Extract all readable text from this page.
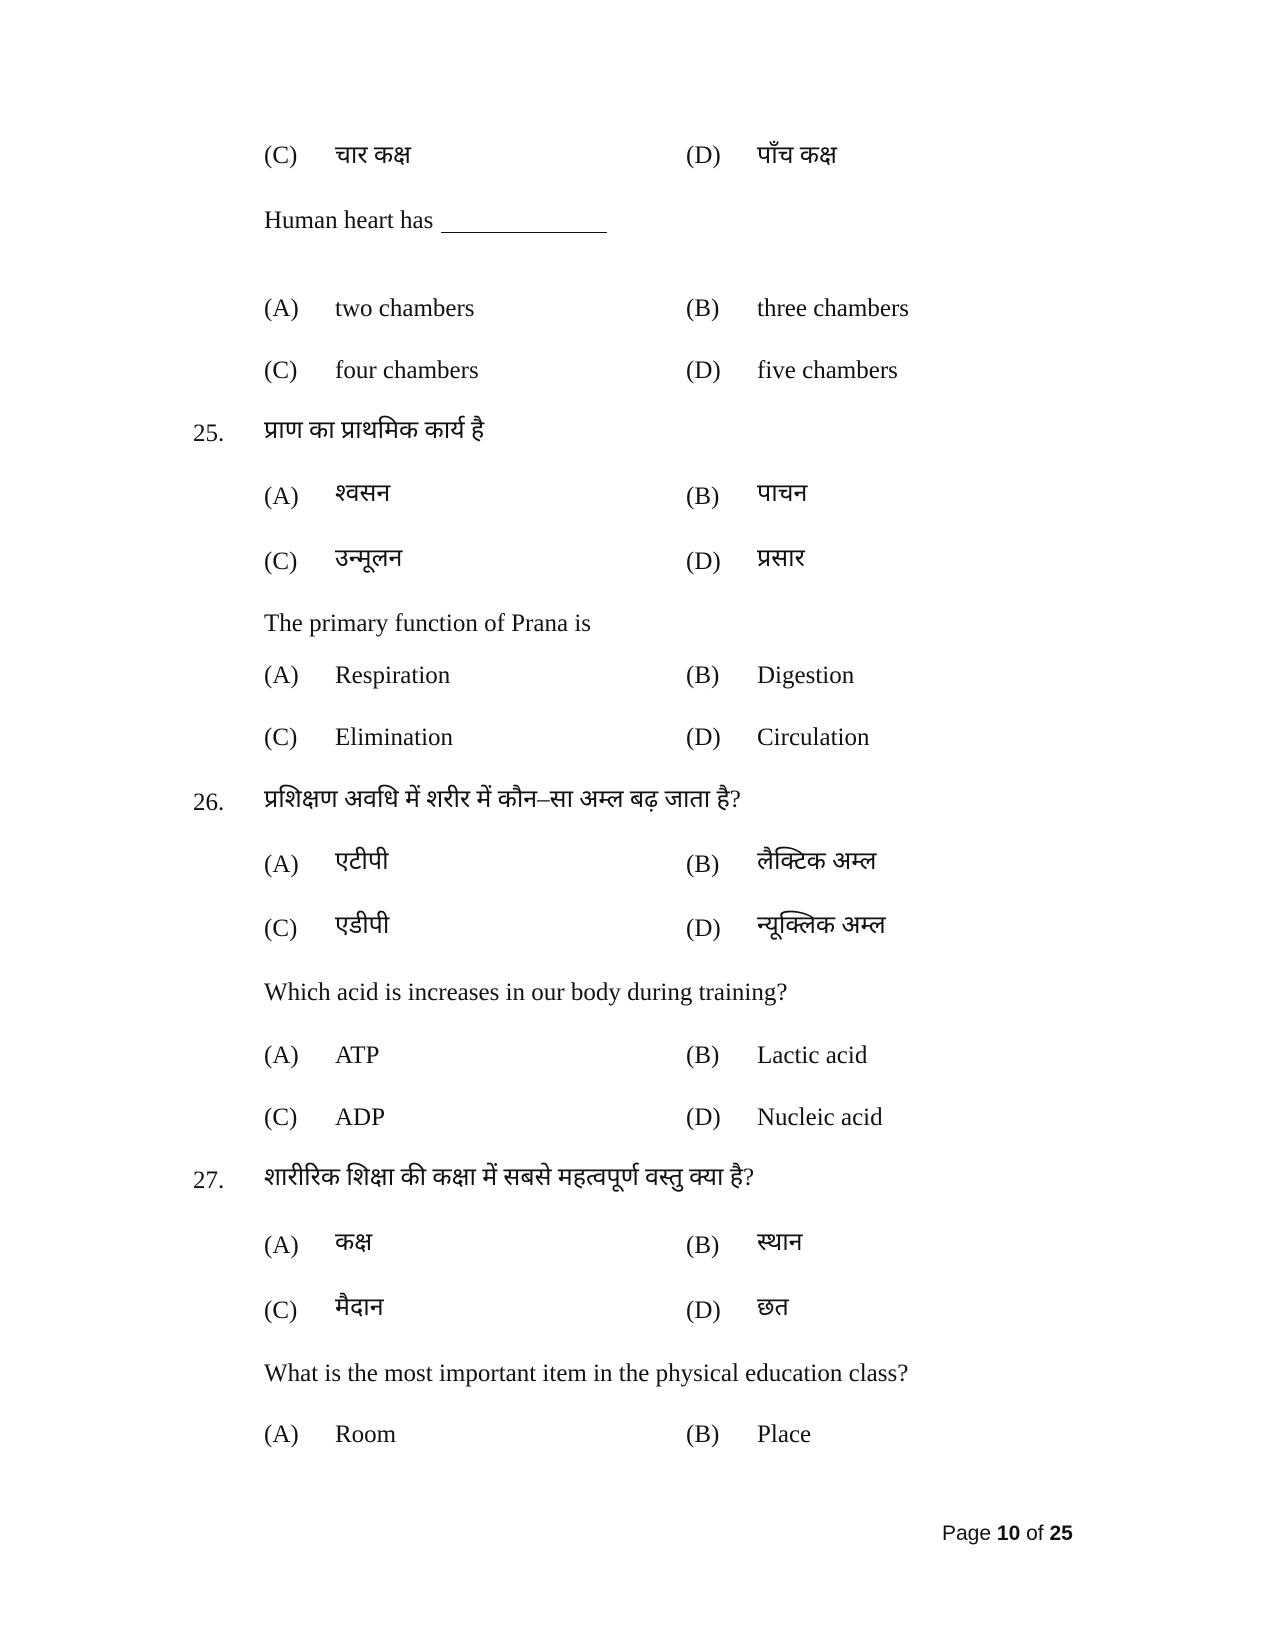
(C) चार कक्ष	(D) पाँच कक्ष
Human heart has
(A) two chambers	(B) three chambers
(C) four chambers	(D) five chambers
25. प्राण का प्राथमिक कार्य है
(A) श्वसन	(B) पाचन
(C) उन्मूलन	(D) प्रसार
The primary function of Prana is
(A) Respiration	(B) Digestion
(C) Elimination	(D) Circulation
26. प्रशिक्षण अवधि में शरीर में कौन–सा अम्ल बढ़ जाता है?
(A) एटीपी	(B) लैक्टिक अम्ल
(C) एडीपी	(D) न्यूक्लिक अम्ल
Which acid is increases in our body during training?
(A) ATP	(B) Lactic acid
(C) ADP	(D) Nucleic acid
27. शारीरिक शिक्षा की कक्षा में सबसे महत्वपूर्ण वस्तु क्या है?
(A) कक्ष	(B) स्थान
(C) मैदान	(D) छत
What is the most important item in the physical education class?
(A) Room	(B) Place
Page 10 of 25
